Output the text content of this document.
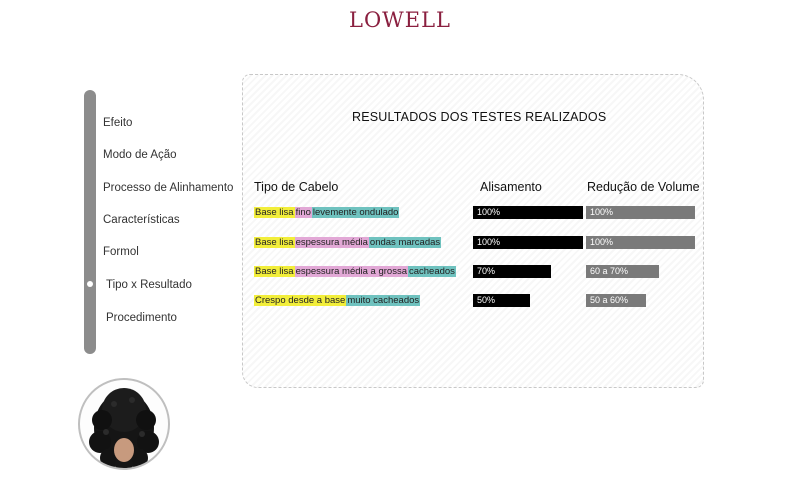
LOWELL
Efeito
Modo de Ação
Processo de Alinhamento
Características
Formol
Tipo x Resultado
Procedimento
RESULTADOS DOS TESTES REALIZADOS
Tipo de Cabelo	Alisamento	Redução de Volume
Base lisa fino levemente ondulado	100%	100%
Base lisa espessura média ondas marcadas	100%	100%
Base lisa espessura média a grossa cacheados	70%	60 a 70%
Crespo desde a base muito cacheados	50%	50 a 60%
